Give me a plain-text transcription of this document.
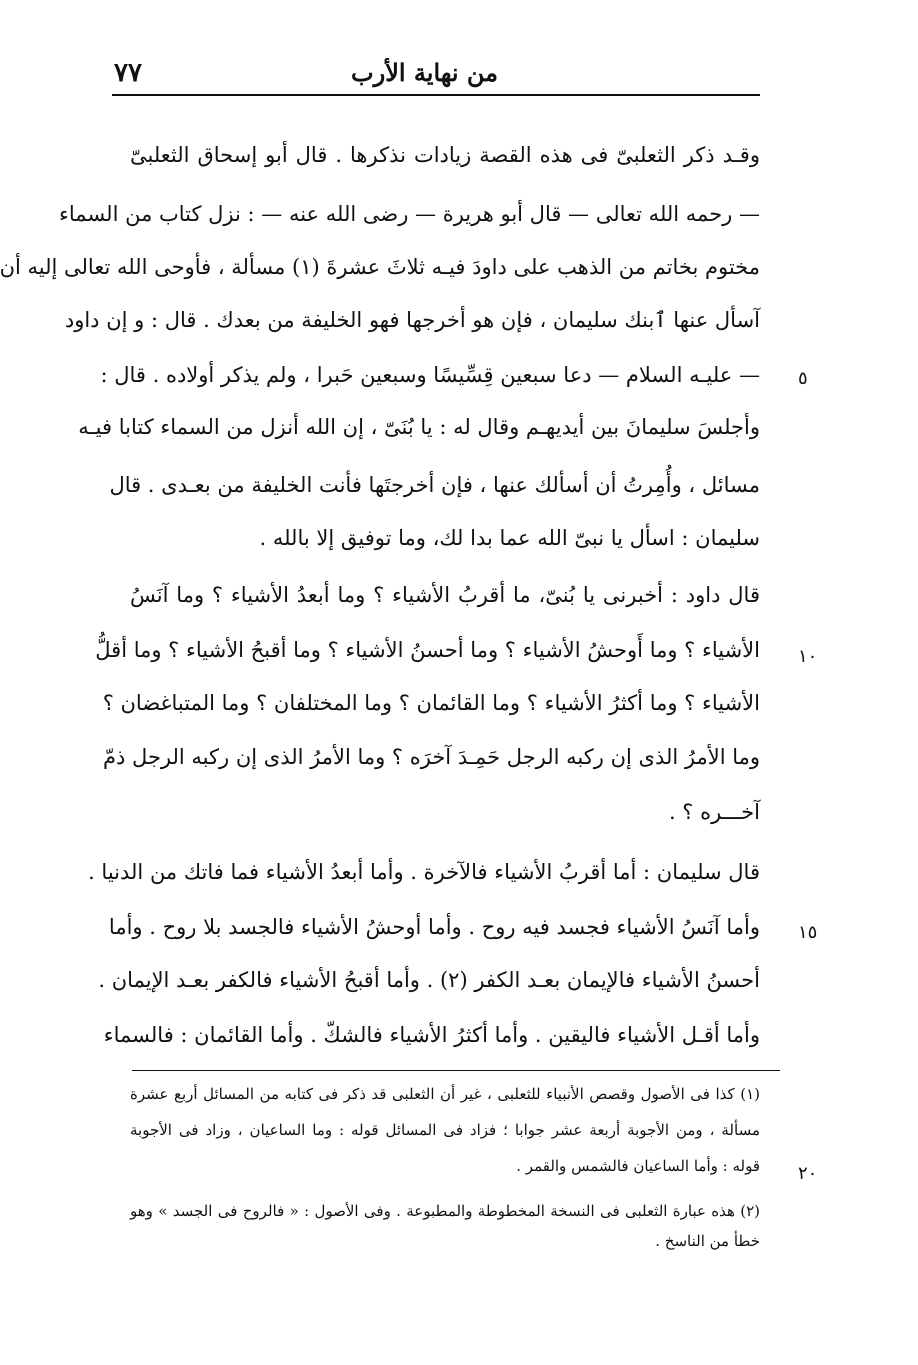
من نهاية الأرب
٧٧
وقـد ذكر الثعلبىّ فى هذه القصة زيادات نذكرها . قال أبو إسحاق الثعلبىّ
— رحمه الله تعالى — قال أبو هريرة — رضى الله عنه — : نزل كتاب من السماء
مختوم بخاتم من الذهب على داودَ فيـه ثلاثَ عشرةَ (١) مسألة ، فأوحى الله تعالى إليه أن
آسأل عنها ٱبنك سليمان ، فإن هو أخرجها فهو الخليفة من بعدك . قال : و إن داود
— عليـه السلام — دعا سبعين قِسِّيسًا وسبعين حَبرا ، ولم يذكر أولاده . قال :
وأجلسَ سليمانَ بين أيديهـم وقال له : يا بُنَىّ ، إن الله أنزل من السماء كتابا فيـه
مسائل ، وأُمِرتُ أن أسألك عنها ، فإن أخرجتَها فأنت الخليفة من بعـدى . قال
سليمان : اسأل يا نبىّ الله عما بدا لك، وما توفيق إلا بالله .
قال داود : أخبرنى يا بُنىّ، ما أقربُ الأشياء ؟ وما أبعدُ الأشياء ؟ وما آنَسُ
الأشياء ؟ وما أَوحشُ الأشياء ؟ وما أحسنُ الأشياء ؟ وما أقبحُ الأشياء ؟ وما أقلُّ
الأشياء ؟ وما أكثرُ الأشياء ؟ وما القائمان ؟ وما المختلفان ؟ وما المتباغضان ؟
وما الأمرُ الذى إن ركبه الرجل حَمِـدَ آخرَه ؟ وما الأمرُ الذى إن ركبه الرجل ذمّ
آخـــره ؟ .
قال سليمان : أما أقربُ الأشياء فالآخرة . وأما أبعدُ الأشياء فما فاتك من الدنيا .
وأما آنَسُ الأشياء فجسد فيه روح . وأما أوحشُ الأشياء فالجسد بلا روح . وأما
أحسنُ الأشياء فالإيمان بعـد الكفر (٢) . وأما أقبحُ الأشياء فالكفر بعـد الإيمان .
وأما أقـل الأشياء فاليقين . وأما أكثرُ الأشياء فالشكّ . وأما القائمان : فالسماء
٥
١٠
١٥
٢٠
(١) كذا فى الأصول وقصص الأنبياء للثعلبى ، غير أن الثعلبى قد ذكر فى كتابه من المسائل أربع عشرة
مسألة ، ومن الأجوبة أربعة عشر جوابا ؛ فزاد فى المسائل قوله : وما الساعيان ، وزاد فى الأجوبة
قوله : وأما الساعيان فالشمس والقمر .
(٢) هذه عبارة الثعلبى فى النسخة المخطوطة والمطبوعة . وفى الأصول : « فالروح فى الجسد » وهو
خطأ من الناسخ .
